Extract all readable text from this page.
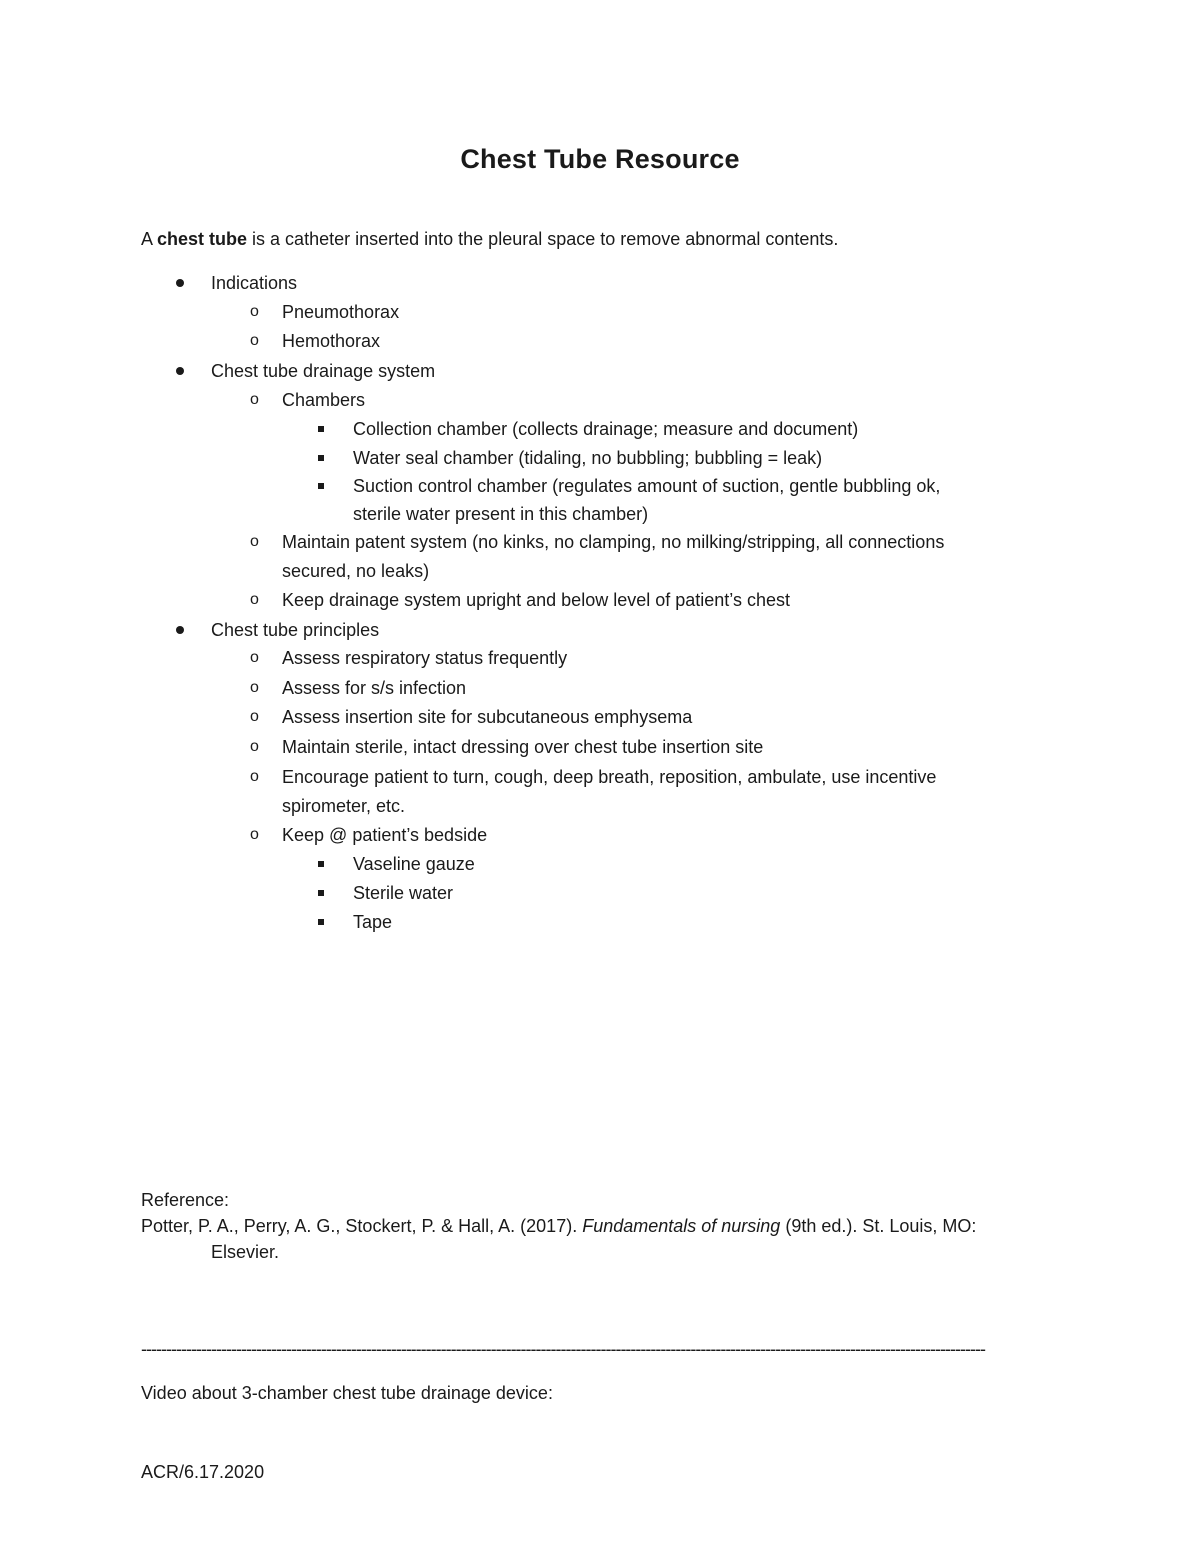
Chest Tube Resource
A chest tube is a catheter inserted into the pleural space to remove abnormal contents.
Indications
o Pneumothorax
o Hemothorax
Chest tube drainage system
o Chambers
Collection chamber (collects drainage; measure and document)
Water seal chamber (tidaling, no bubbling; bubbling = leak)
Suction control chamber (regulates amount of suction, gentle bubbling ok,
sterile water present in this chamber)
o Maintain patent system (no kinks, no clamping, no milking/stripping, all connections
secured, no leaks)
o Keep drainage system upright and below level of patient’s chest
Chest tube principles
o Assess respiratory status frequently
o Assess for s/s infection
o Assess insertion site for subcutaneous emphysema
o Maintain sterile, intact dressing over chest tube insertion site
o Encourage patient to turn, cough, deep breath, reposition, ambulate, use incentive
spirometer, etc.
o Keep @ patient’s bedside
Vaseline gauze
Sterile water
Tape
Reference:
Potter, P. A., Perry, A. G., Stockert, P. & Hall, A. (2017). Fundamentals of nursing (9th ed.). St. Louis, MO:
Elsevier.
-------------------------------------------------------------------------------------------------------------------------------------------------------------------------
Video about 3-chamber chest tube drainage device:
ACR/6.17.2020
